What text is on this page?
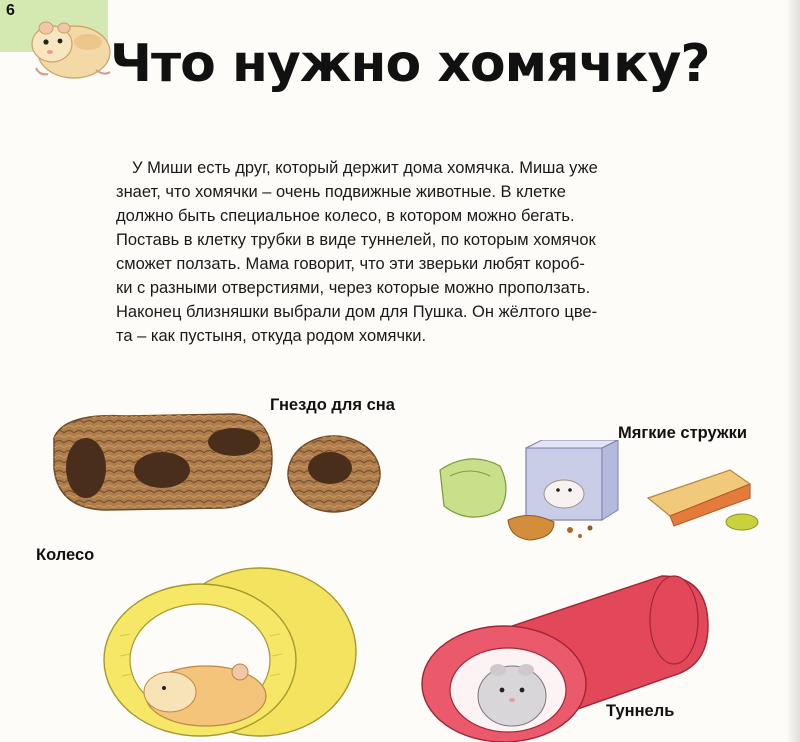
6
Что нужно хомячку?
У Миши есть друг, который держит дома хомячка. Миша уже
знает, что хомячки – очень подвижные животные. В клетке
должно быть специальное колесо, в котором можно бегать.
Поставь в клетку трубки в виде туннелей, по которым хомячок
сможет ползать. Мама говорит, что эти зверьки любят короб-
ки с разными отверстиями, через которые можно проползать.
Наконец близняшки выбрали дом для Пушка. Он жёлтого цве-
та – как пустыня, откуда родом хомячки.
Гнездо для сна
Мягкие стружки
Колесо
Туннель
